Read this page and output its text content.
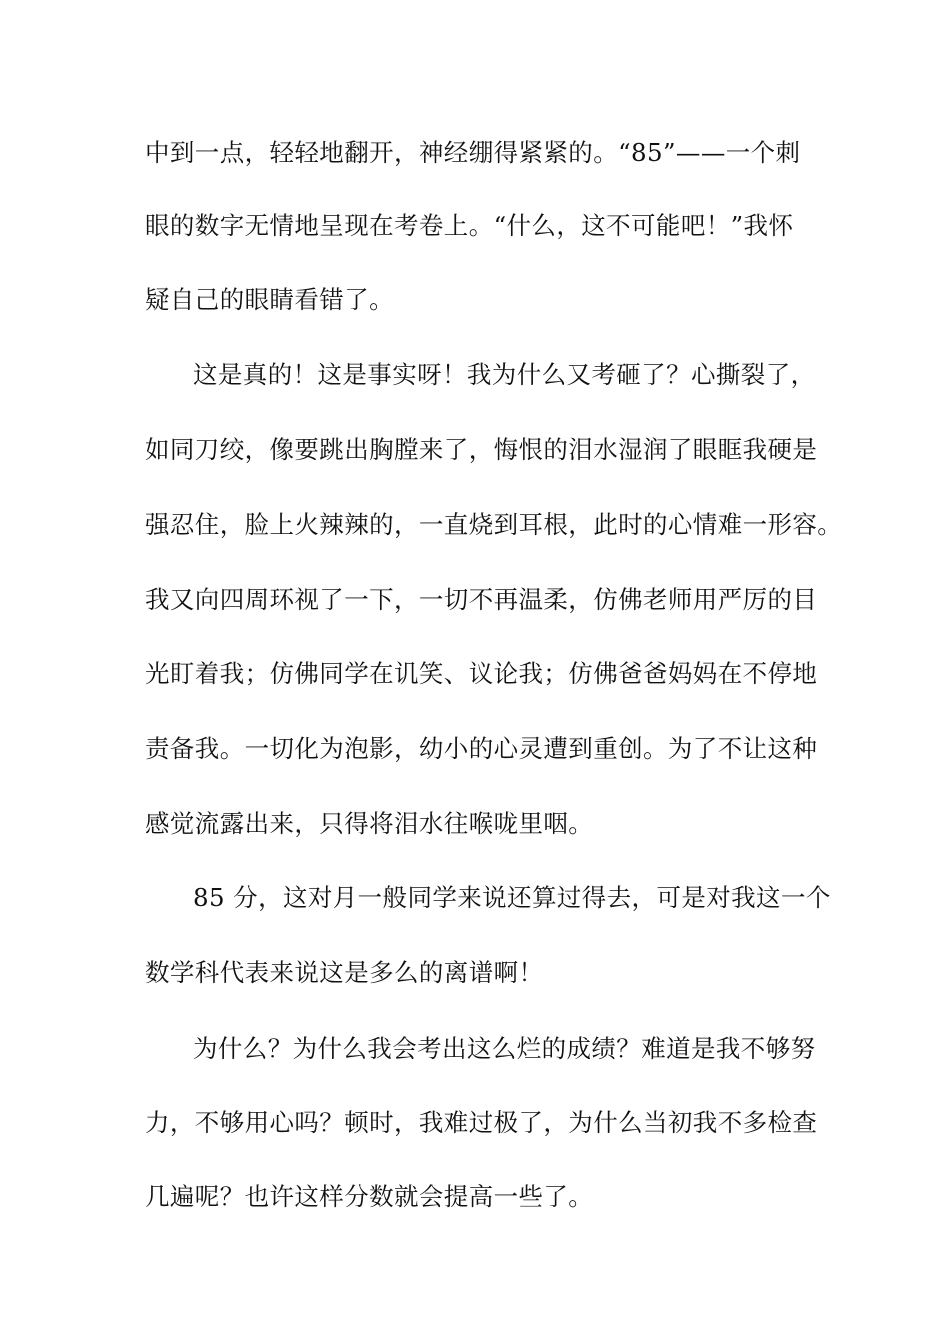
中到一点，轻轻地翻开，神经绷得紧紧的。“85”——一个刺
眼的数字无情地呈现在考卷上。“什么，这不可能吧！”我怀
疑自己的眼睛看错了。
这是真的！这是事实呀！我为什么又考砸了？心撕裂了，
如同刀绞，像要跳出胸膛来了，悔恨的泪水湿润了眼眶我硬是
强忍住，脸上火辣辣的，一直烧到耳根，此时的心情难一形容。
我又向四周环视了一下，一切不再温柔，仿佛老师用严厉的目
光盯着我；仿佛同学在讥笑、议论我；仿佛爸爸妈妈在不停地
责备我。一切化为泡影，幼小的心灵遭到重创。为了不让这种
感觉流露出来，只得将泪水往喉咙里咽。
85 分，这对月一般同学来说还算过得去，可是对我这一个
数学科代表来说这是多么的离谱啊！
为什么？为什么我会考出这么烂的成绩？难道是我不够努
力，不够用心吗？顿时，我难过极了，为什么当初我不多检查
几遍呢？也许这样分数就会提高一些了。
